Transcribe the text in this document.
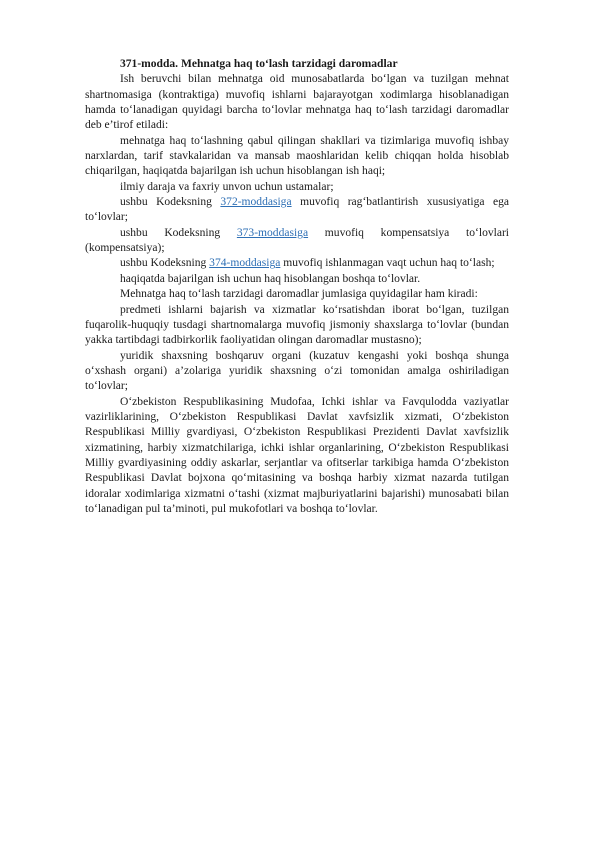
371-modda. Mehnatga haq to‘lash tarzidagi daromadlar

Ish beruvchi bilan mehnatga oid munosabatlarda bo‘lgan va tuzilgan mehnat shartnomasiga (kontraktiga) muvofiq ishlarni bajarayotgan xodimlarga hisoblanadigan hamda to‘lanadigan quyidagi barcha to‘lovlar mehnatga haq to‘lash tarzidagi daromadlar deb e’tirof etiladi:

mehnatga haq to‘lashning qabul qilingan shakllari va tizimlariga muvofiq ishbay narxlardan, tarif stavkalaridan va mansab maoshlaridan kelib chiqqan holda hisoblab chiqarilgan, haqiqatda bajarilgan ish uchun hisoblangan ish haqi;

ilmiy daraja va faxriy unvon uchun ustamalar;

ushbu Kodeksning 372-moddasiga muvofiq rag‘batlantirish xususiyatiga ega to‘lovlar;

ushbu Kodeksning 373-moddasiga muvofiq kompensatsiya to‘lovlari (kompensatsiya);

ushbu Kodeksning 374-moddasiga muvofiq ishlanmagan vaqt uchun haq to‘lash;

haqiqatda bajarilgan ish uchun haq hisoblangan boshqa to‘lovlar.

Mehnatga haq to‘lash tarzidagi daromadlar jumlasiga quyidagilar ham kiradi:

predmeti ishlarni bajarish va xizmatlar ko‘rsatishdan iborat bo‘lgan, tuzilgan fuqarolik-huquqiy tusdagi shartnomalarga muvofiq jismoniy shaxslarga to‘lovlar (bundan yakka tartibdagi tadbirkorlik faoliyatidan olingan daromadlar mustasno);

yuridik shaxsning boshqaruv organi (kuzatuv kengashi yoki boshqa shunga o‘xshash organi) a’zolariga yuridik shaxsning o‘zi tomonidan amalga oshiriladigan to‘lovlar;

O‘zbekiston Respublikasining Mudofaa, Ichki ishlar va Favqulodda vaziyatlar vazirliklarining, O‘zbekiston Respublikasi Davlat xavfsizlik xizmati, O‘zbekiston Respublikasi Milliy gvardiyasi, O‘zbekiston Respublikasi Prezidenti Davlat xavfsizlik xizmatining, harbiy xizmatchilariga, ichki ishlar organlarining, O‘zbekiston Respublikasi Milliy gvardiyasining oddiy askarlar, serjantlar va ofitserlar tarkibiga hamda O‘zbekiston Respublikasi Davlat bojxona qo‘mitasining va boshqa harbiy xizmat nazarda tutilgan idoralar xodimlariga xizmatni o‘tashi (xizmat majburiyatlarini bajarishi) munosabati bilan to‘lanadigan pul ta’minoti, pul mukofotlari va boshqa to‘lovlar.
